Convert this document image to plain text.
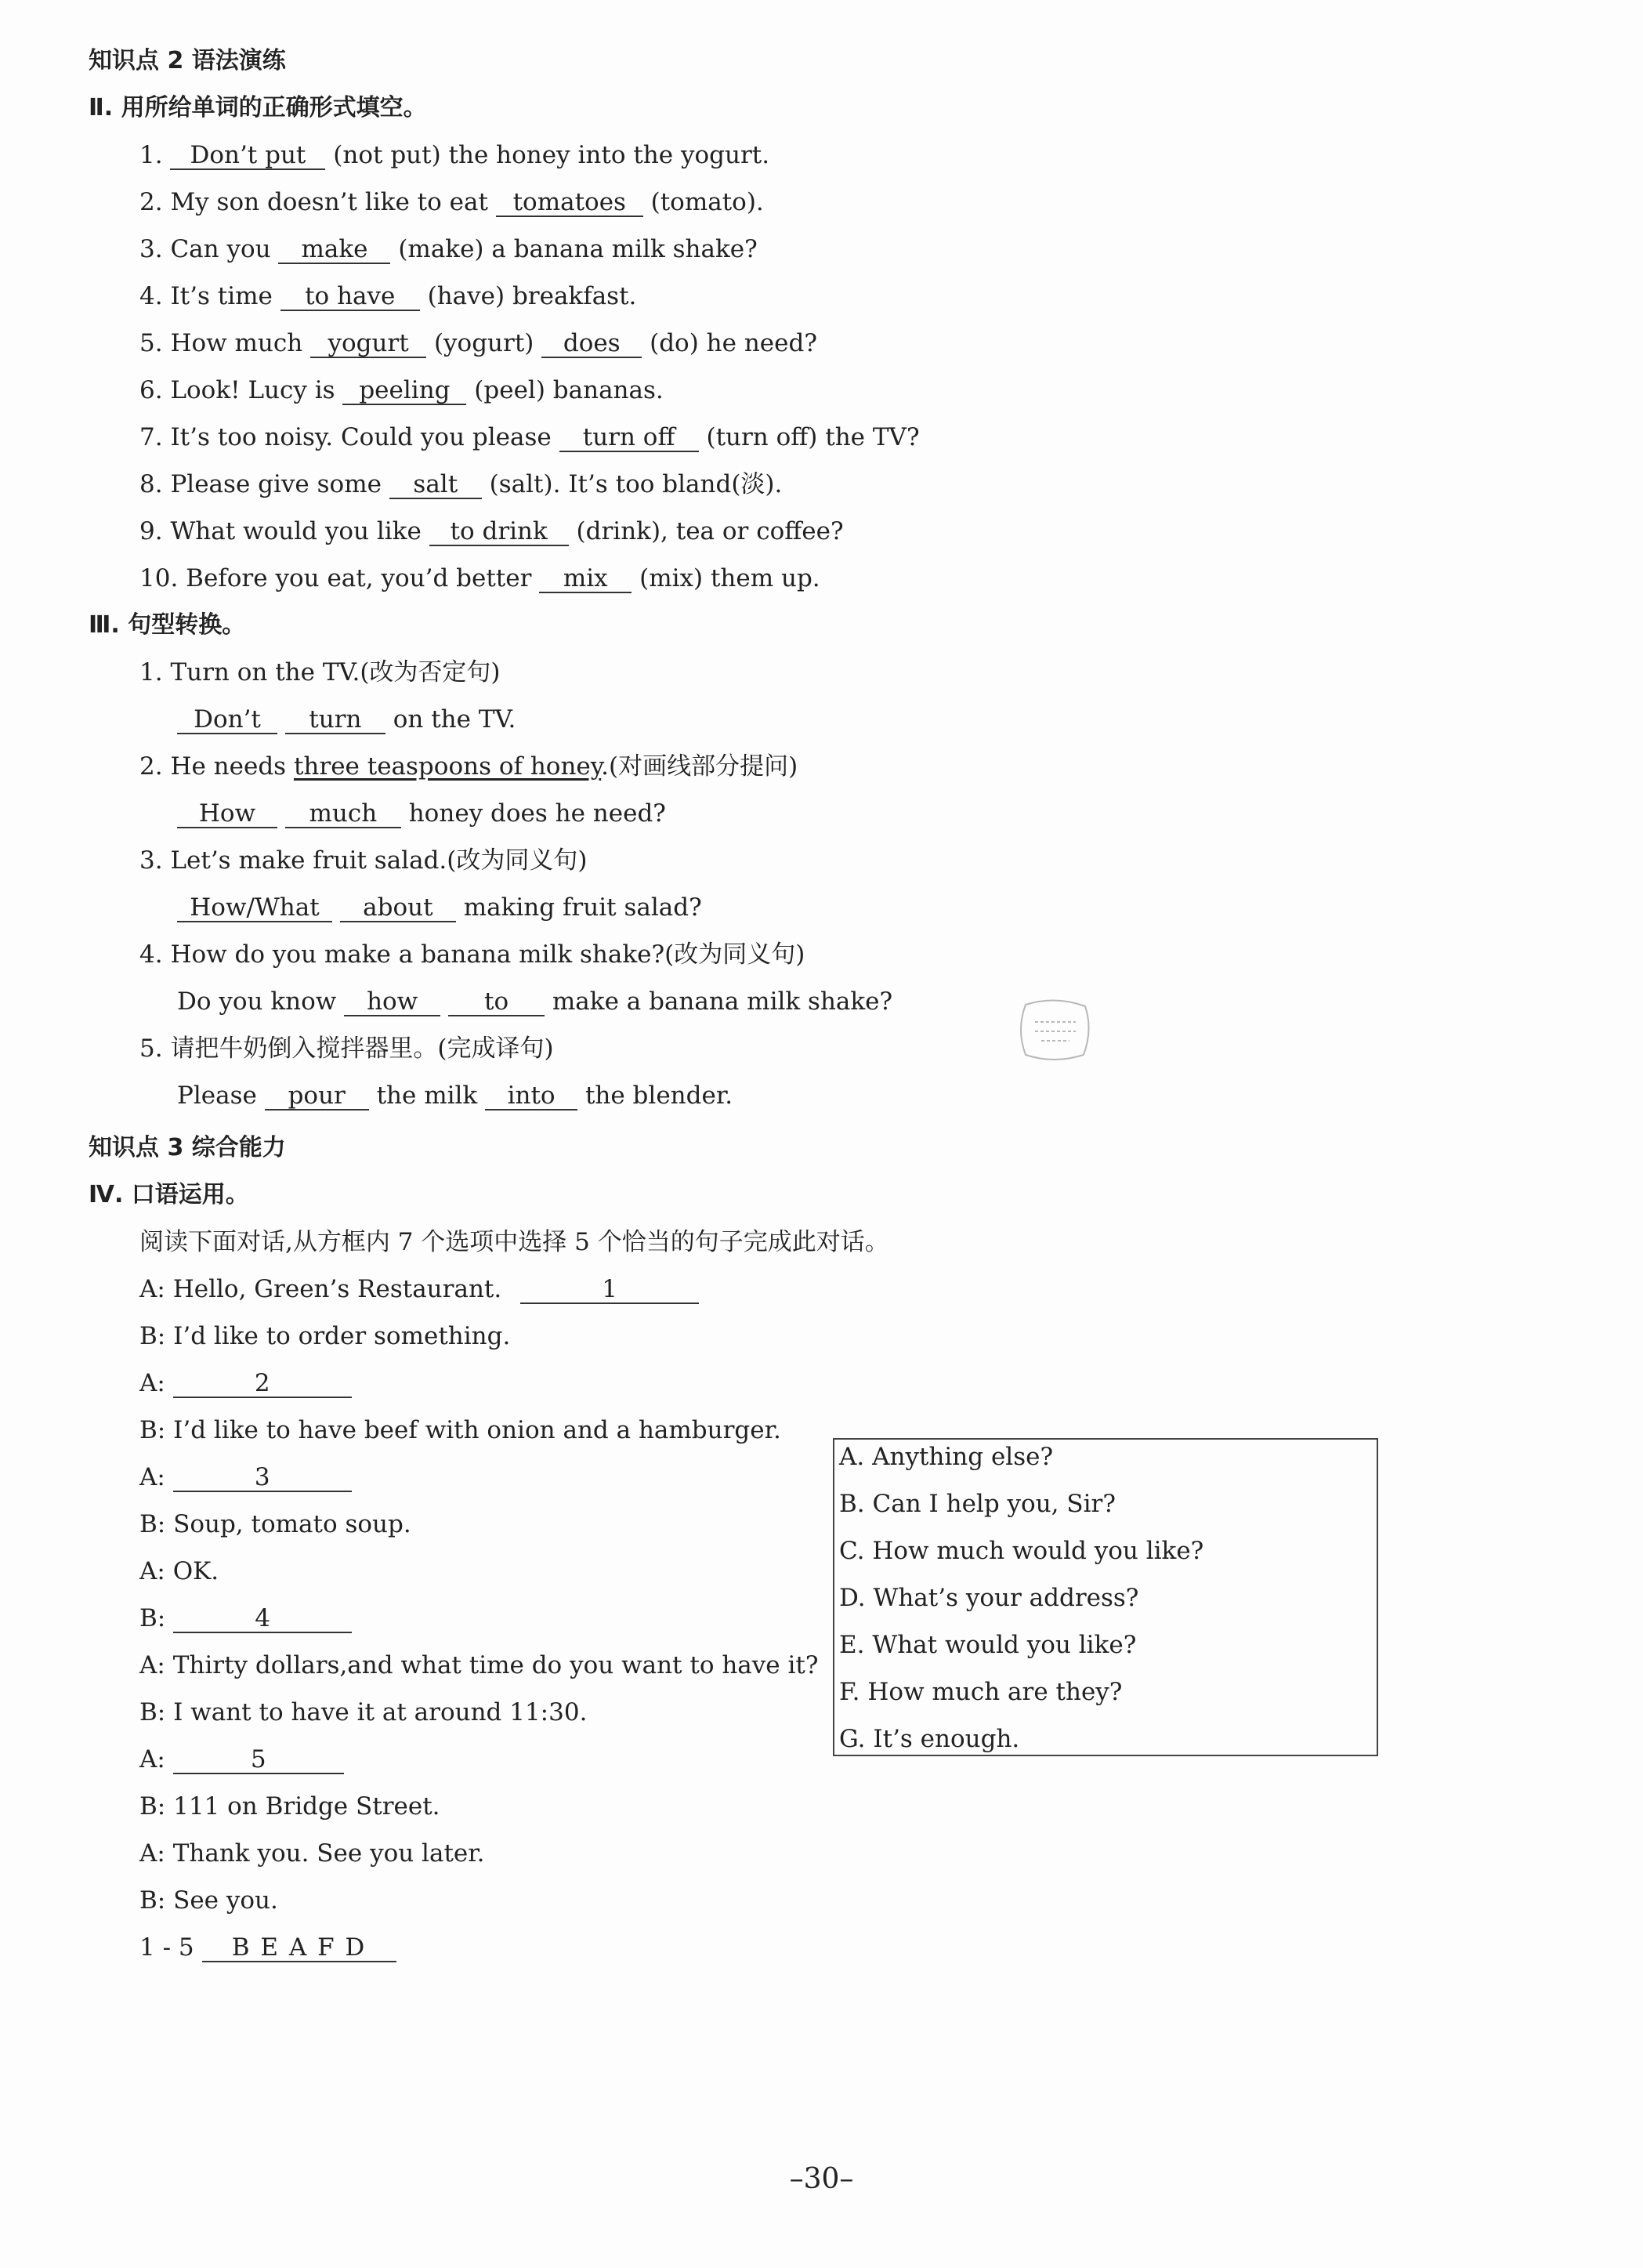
知识点 2 语法演练
Ⅱ. 用所给单词的正确形式填空。
1. Don’t put (not put) the honey into the yogurt.
2. My son doesn’t like to eat tomatoes (tomato).
3. Can you make (make) a banana milk shake?
4. It’s time to have (have) breakfast.
5. How much yogurt (yogurt) does (do) he need?
6. Look! Lucy is peeling (peel) bananas.
7. It’s too noisy. Could you please turn off (turn off) the TV?
8. Please give some salt (salt). It’s too bland(淡).
9. What would you like to drink (drink), tea or coffee?
10. Before you eat, you’d better mix (mix) them up.
Ⅲ. 句型转换。
1. Turn on the TV.(改为否定句)
Don’t turn on the TV.
2. He needs three teaspoons of honey.(对画线部分提问)
How much honey does he need?
3. Let’s make fruit salad.(改为同义句)
How/What about making fruit salad?
4. How do you make a banana milk shake?(改为同义句)
Do you know how	to make a banana milk shake?
5. 请把牛奶倒入搅拌器里。(完成译句)
Please pour the milk into the blender.
知识点 3 综合能力
Ⅳ. 口语运用。
阅读下面对话,从方框内 7 个选项中选择 5 个恰当的句子完成此对话。
A: Hello, Green’s Restaurant.	1
B: I’d like to order something.
A:	2
B: I’d like to have beef with onion and a hamburger.
A:	3
B: Soup, tomato soup.
A: OK.
B:	4
A: Thirty dollars,and what time do you want to have it?
B: I want to have it at around 11:30.
A:	5
B: 111 on Bridge Street.
A: Thank you. See you later.
B: See you.
1 - 5 B E A F D
A. Anything else?
B. Can I help you, Sir?
C. How much would you like?
D. What’s your address?
E. What would you like?
F. How much are they?
G. It’s enough.
–30–
